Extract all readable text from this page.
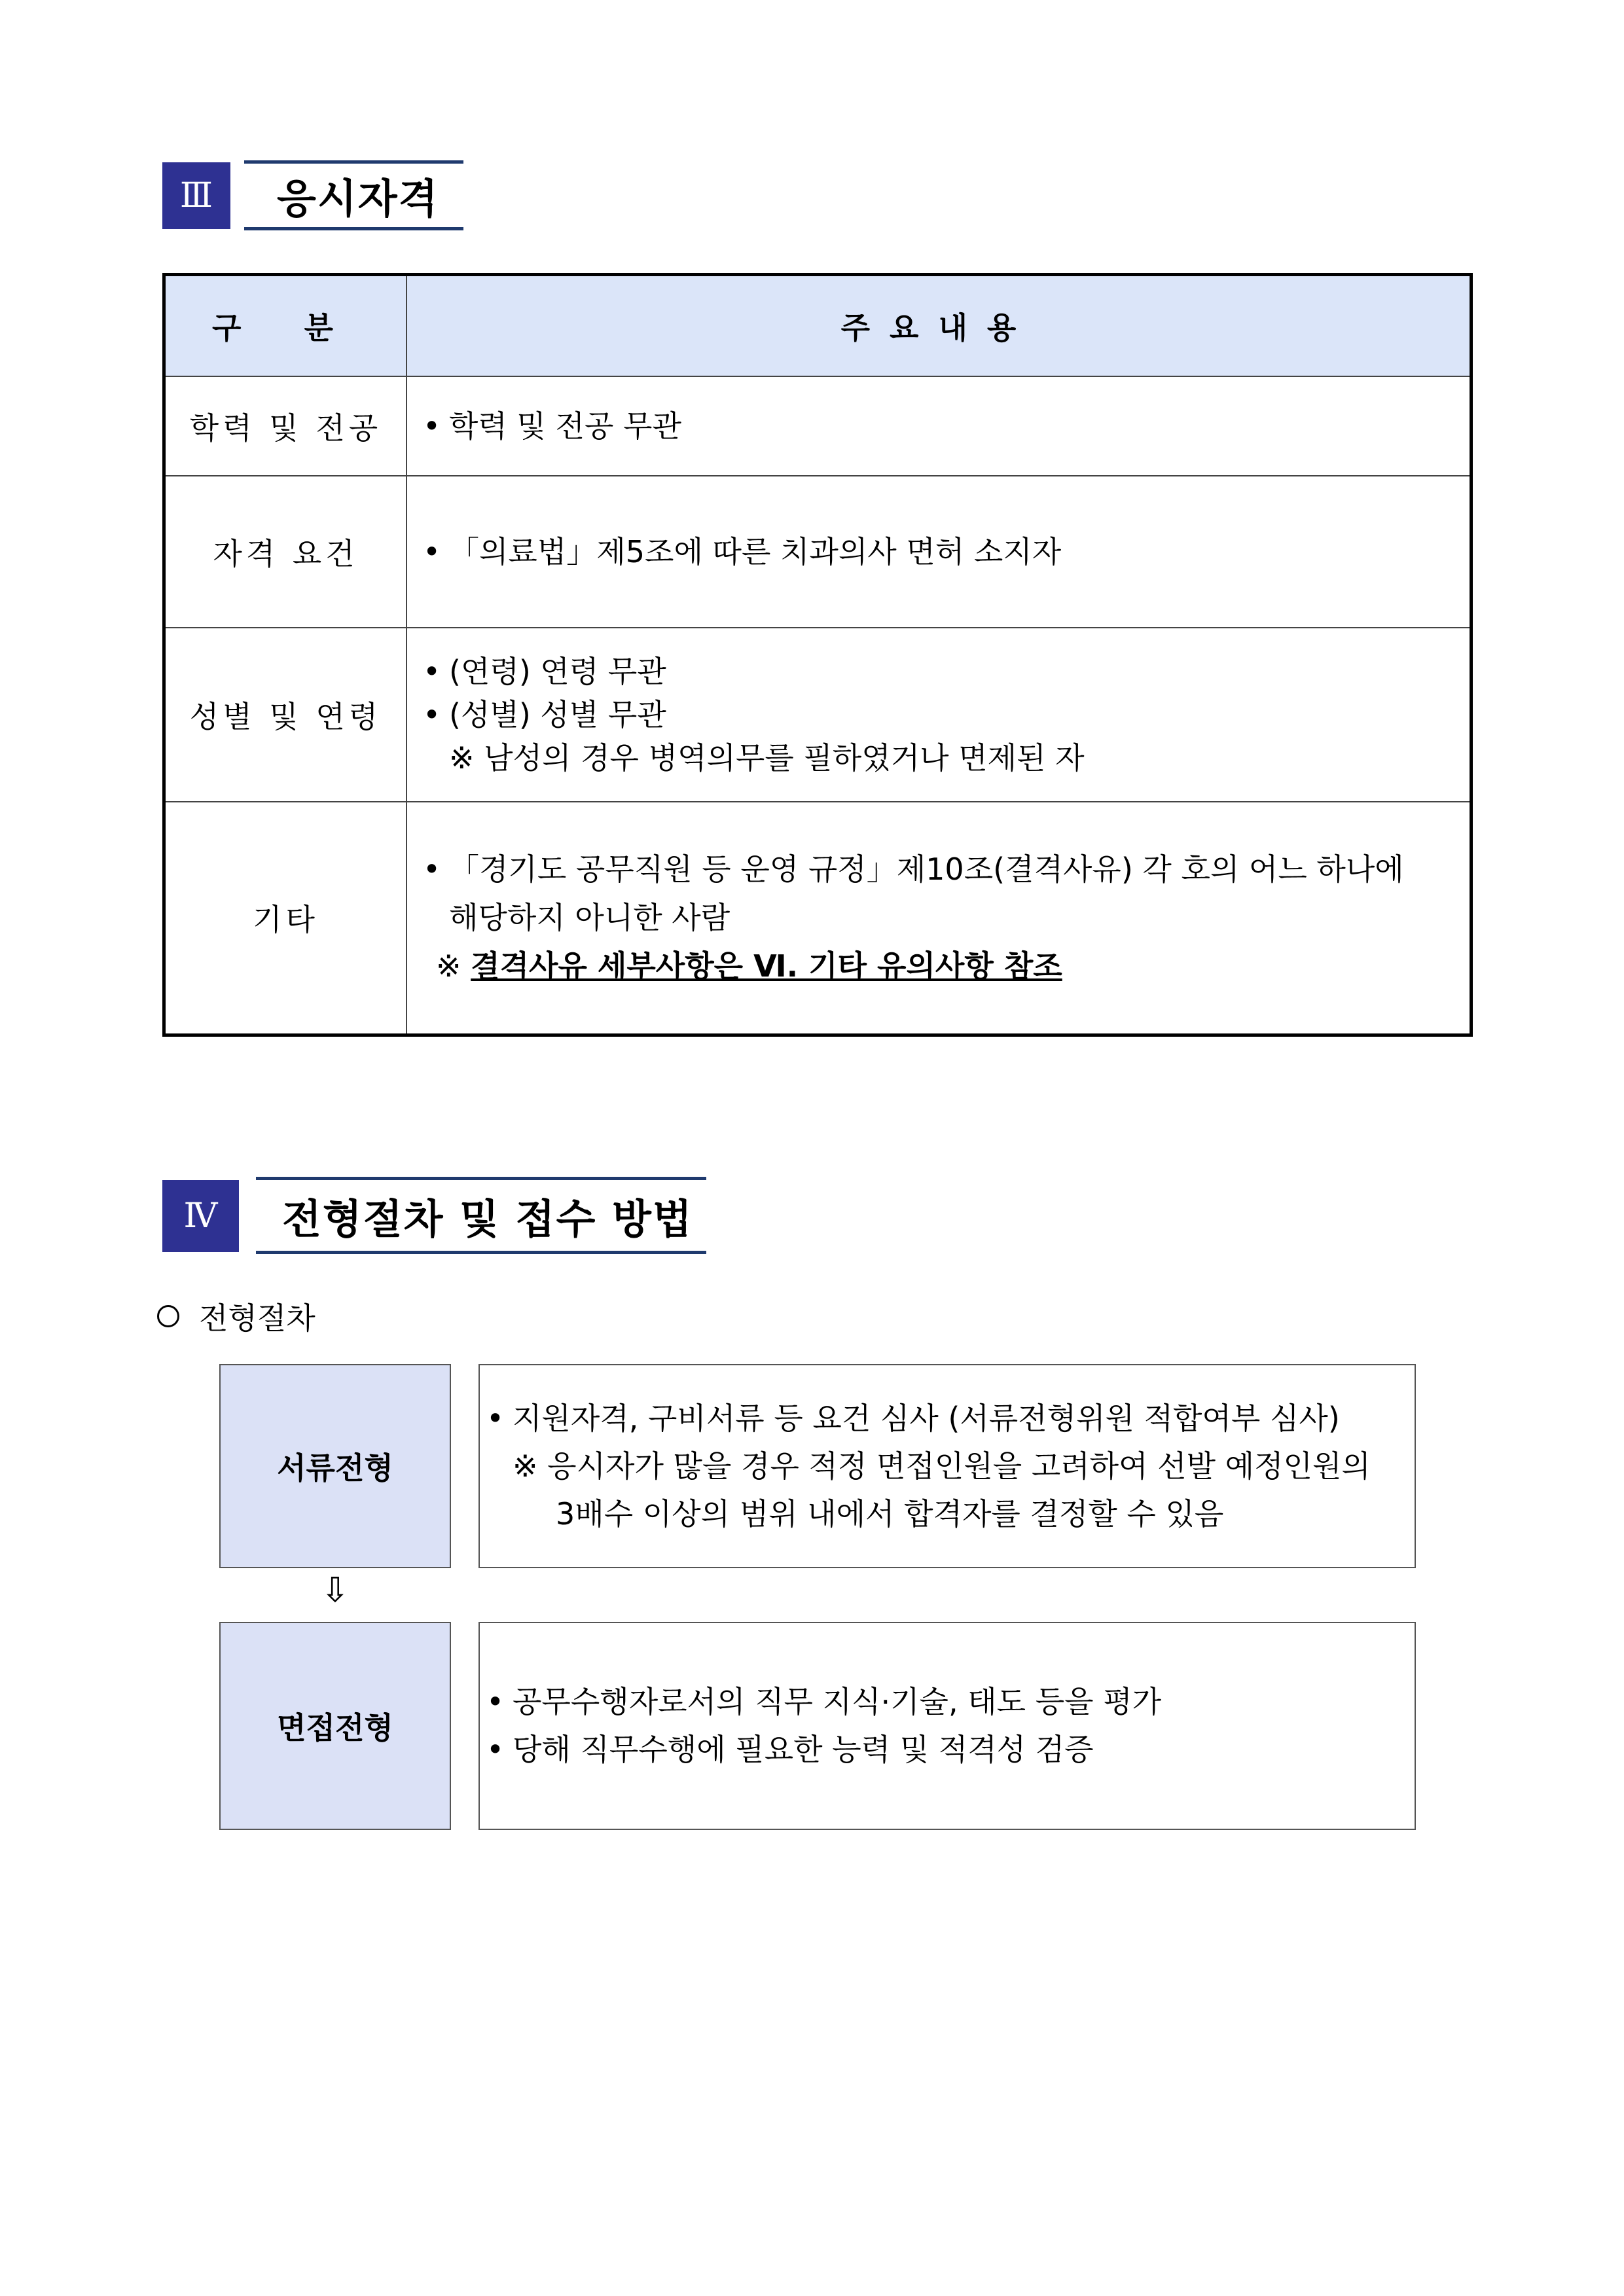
Ⅲ	응시자격
구 분	주요내용
학력 및 전공	• 학력 및 전공 무관

자격 요건	• 「의료법」제5조에 따른 치과의사 면허 소지자

성별 및 연령	• (연령) 연령 무관
• (성별) 성별 무관
※ 남성의 경우 병역의무를 필하였거나 면제된 자

기타	• 「경기도 공무직원 등 운영 규정」제10조(결격사유) 각 호의 어느 하나에
해당하지 아니한 사람
※ 결격사유 세부사항은 Ⅵ. 기타 유의사항 참조
Ⅳ	전형절차 및 접수 방법
전형절차
서류전형
• 지원자격, 구비서류 등 요건 심사 (서류전형위원 적합여부 심사)
※ 응시자가 많을 경우 적정 면접인원을 고려하여 선발 예정인원의
3배수 이상의 범위 내에서 합격자를 결정할 수 있음
⇩
면접전형
• 공무수행자로서의 직무 지식·기술, 태도 등을 평가
• 당해 직무수행에 필요한 능력 및 적격성 검증
